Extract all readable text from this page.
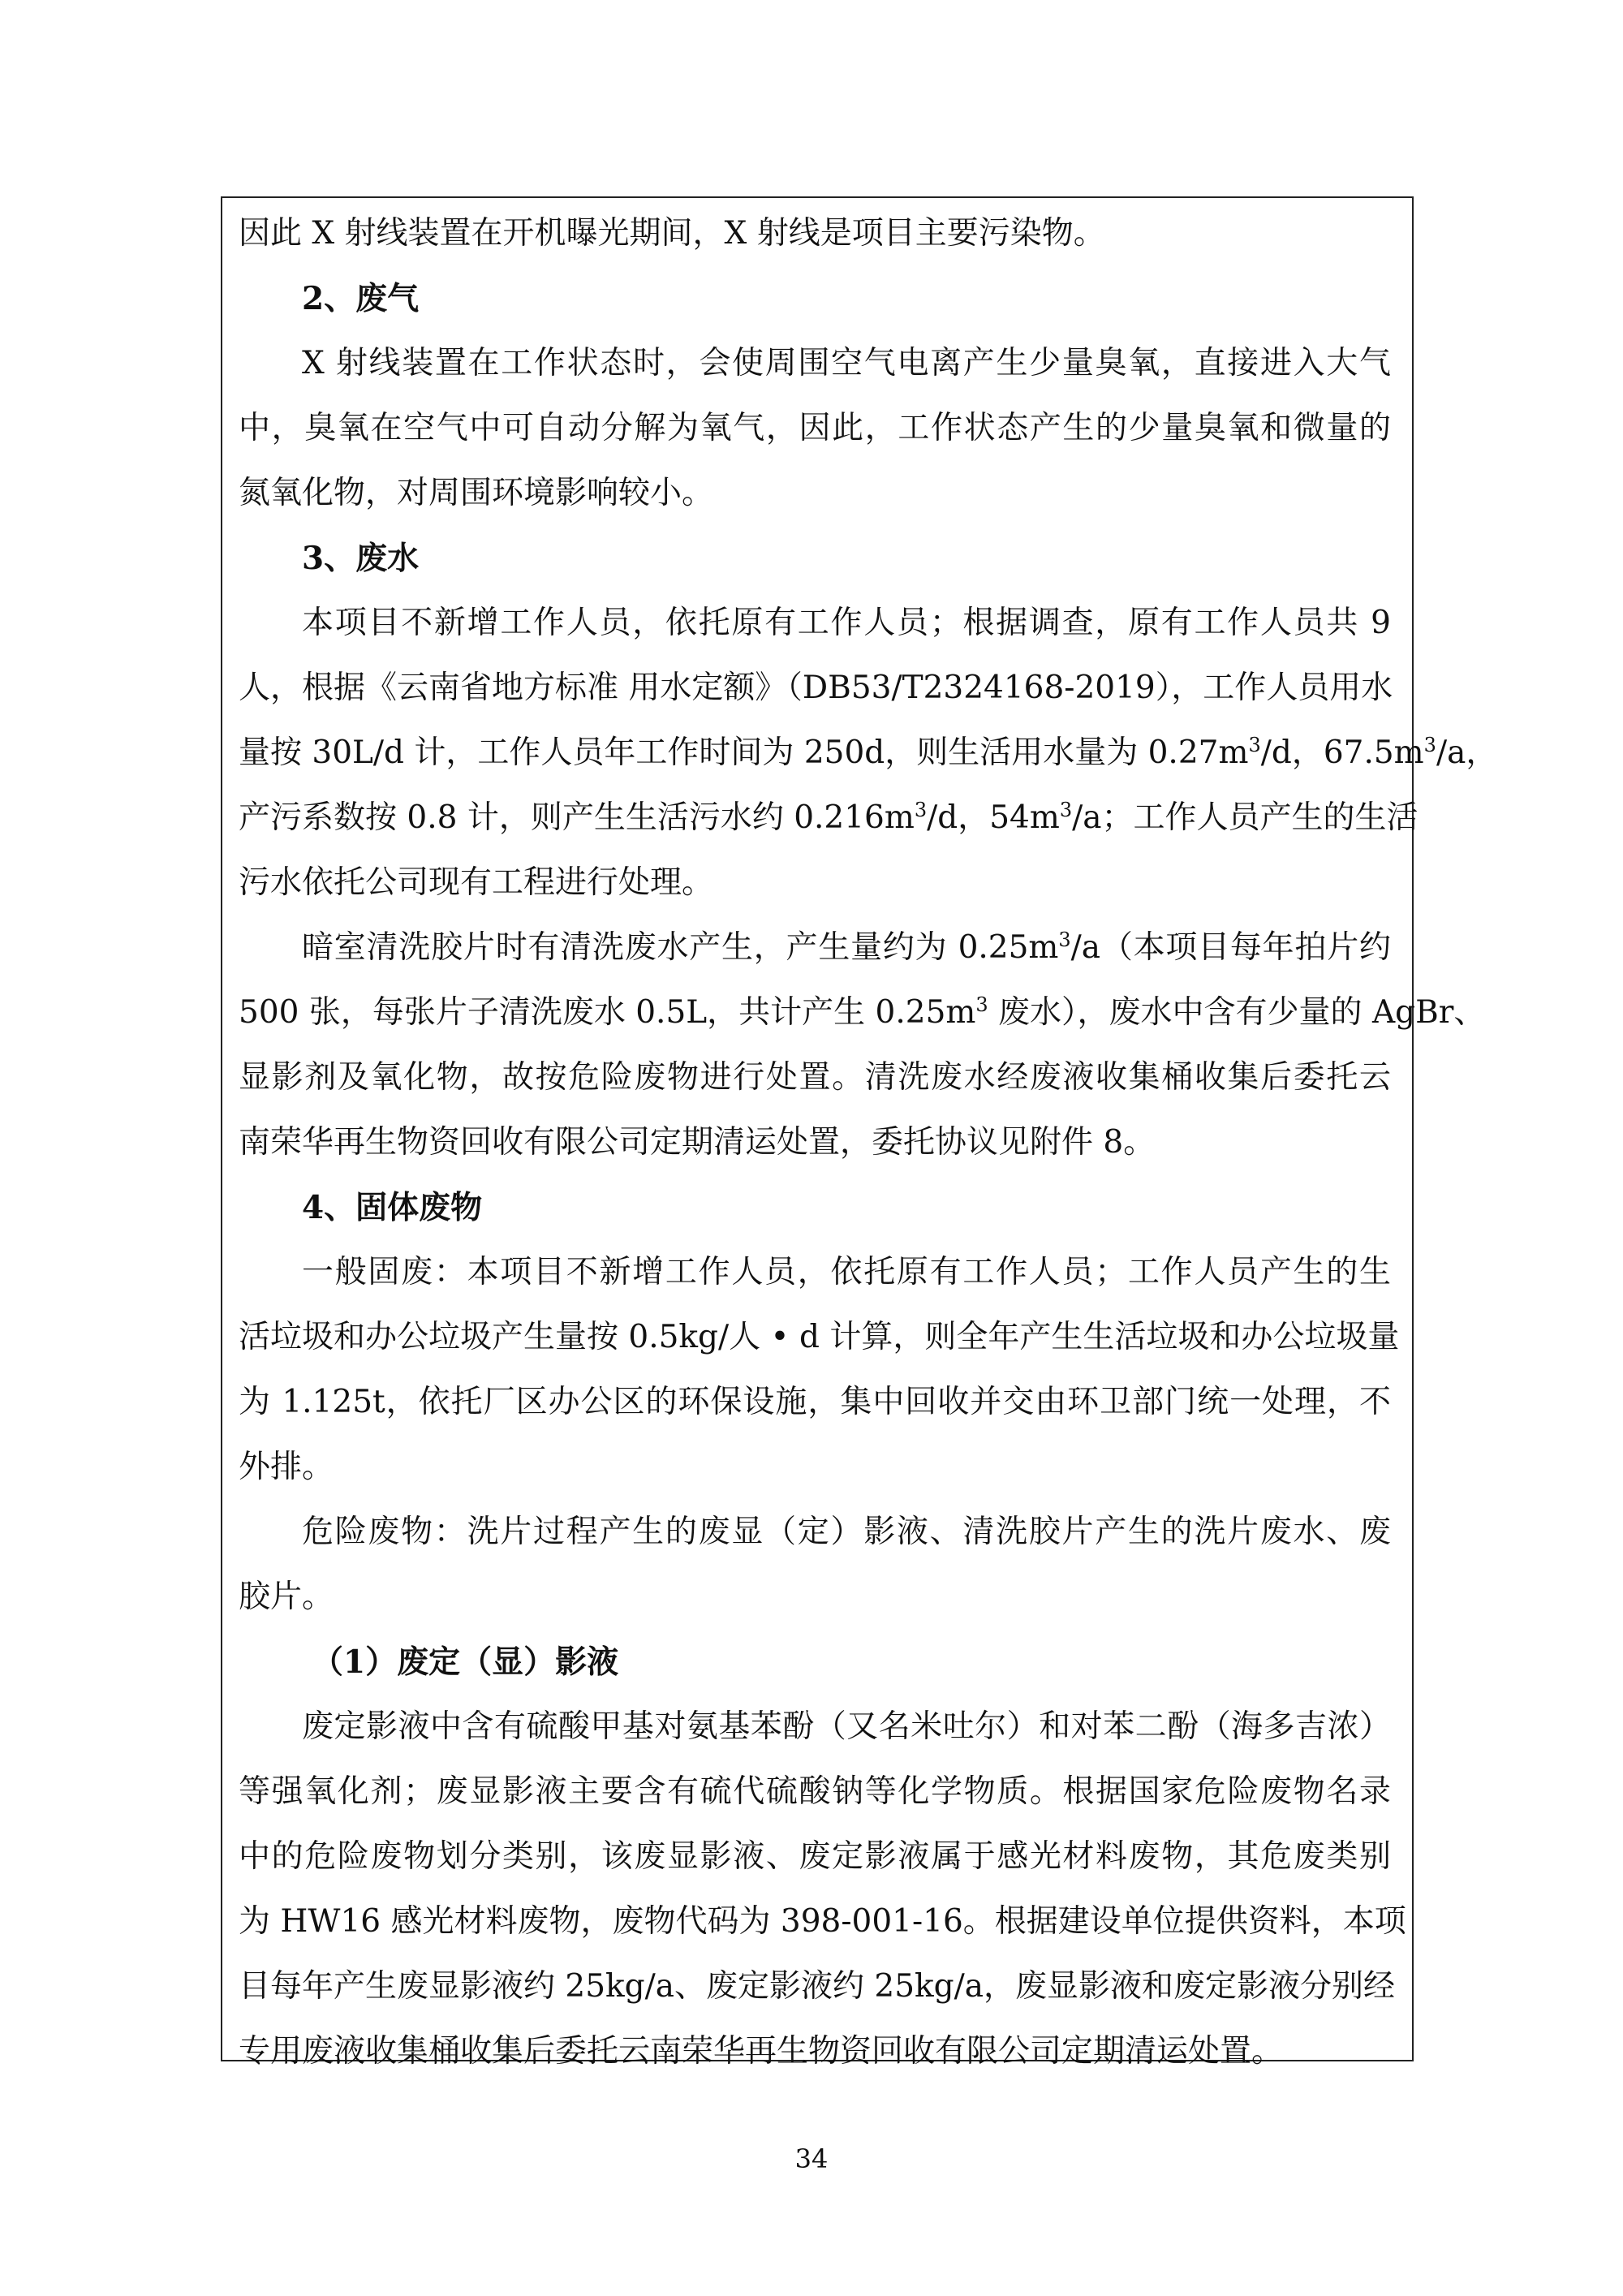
因此 X 射线装置在开机曝光期间，X 射线是项目主要污染物。
2、废气
X 射线装置在工作状态时，会使周围空气电离产生少量臭氧，直接进入大气
中，臭氧在空气中可自动分解为氧气，因此，工作状态产生的少量臭氧和微量的
氮氧化物，对周围环境影响较小。
3、废水
本项目不新增工作人员，依托原有工作人员；根据调查，原有工作人员共 9
人，根据《云南省地方标准 用水定额》（DB53/T2324168-2019），工作人员用水
量按 30L/d 计，工作人员年工作时间为 250d，则生活用水量为 $0.27m^3/d$，$67.5m^3/a$，
产污系数按 0.8 计，则产生生活污水约 $0.216m^3/d$，$54m^3/a$；工作人员产生的生活
污水依托公司现有工程进行处理。
暗室清洗胶片时有清洗废水产生，产生量约为 $0.25m^3/a$（本项目每年拍片约
500 张，每张片子清洗废水 0.5L，共计产生 $0.25m^3$ 废水），废水中含有少量的 AgBr、
显影剂及氧化物，故按危险废物进行处置。清洗废水经废液收集桶收集后委托云
南荣华再生物资回收有限公司定期清运处置，委托协议见附件 8。
4、固体废物
一般固废：本项目不新增工作人员，依托原有工作人员；工作人员产生的生
活垃圾和办公垃圾产生量按 0.5kg/人 • d 计算，则全年产生生活垃圾和办公垃圾量
为 1.125t，依托厂区办公区的环保设施，集中回收并交由环卫部门统一处理，不
外排。
危险废物：洗片过程产生的废显（定）影液、清洗胶片产生的洗片废水、废
胶片。
（1）废定（显）影液
废定影液中含有硫酸甲基对氨基苯酚（又名米吐尔）和对苯二酚（海多吉浓）
等强氧化剂；废显影液主要含有硫代硫酸钠等化学物质。根据国家危险废物名录
中的危险废物划分类别，该废显影液、废定影液属于感光材料废物，其危废类别
为 HW16 感光材料废物，废物代码为 398-001-16。根据建设单位提供资料，本项
目每年产生废显影液约 25kg/a、废定影液约 25kg/a，废显影液和废定影液分别经
专用废液收集桶收集后委托云南荣华再生物资回收有限公司定期清运处置。
34
